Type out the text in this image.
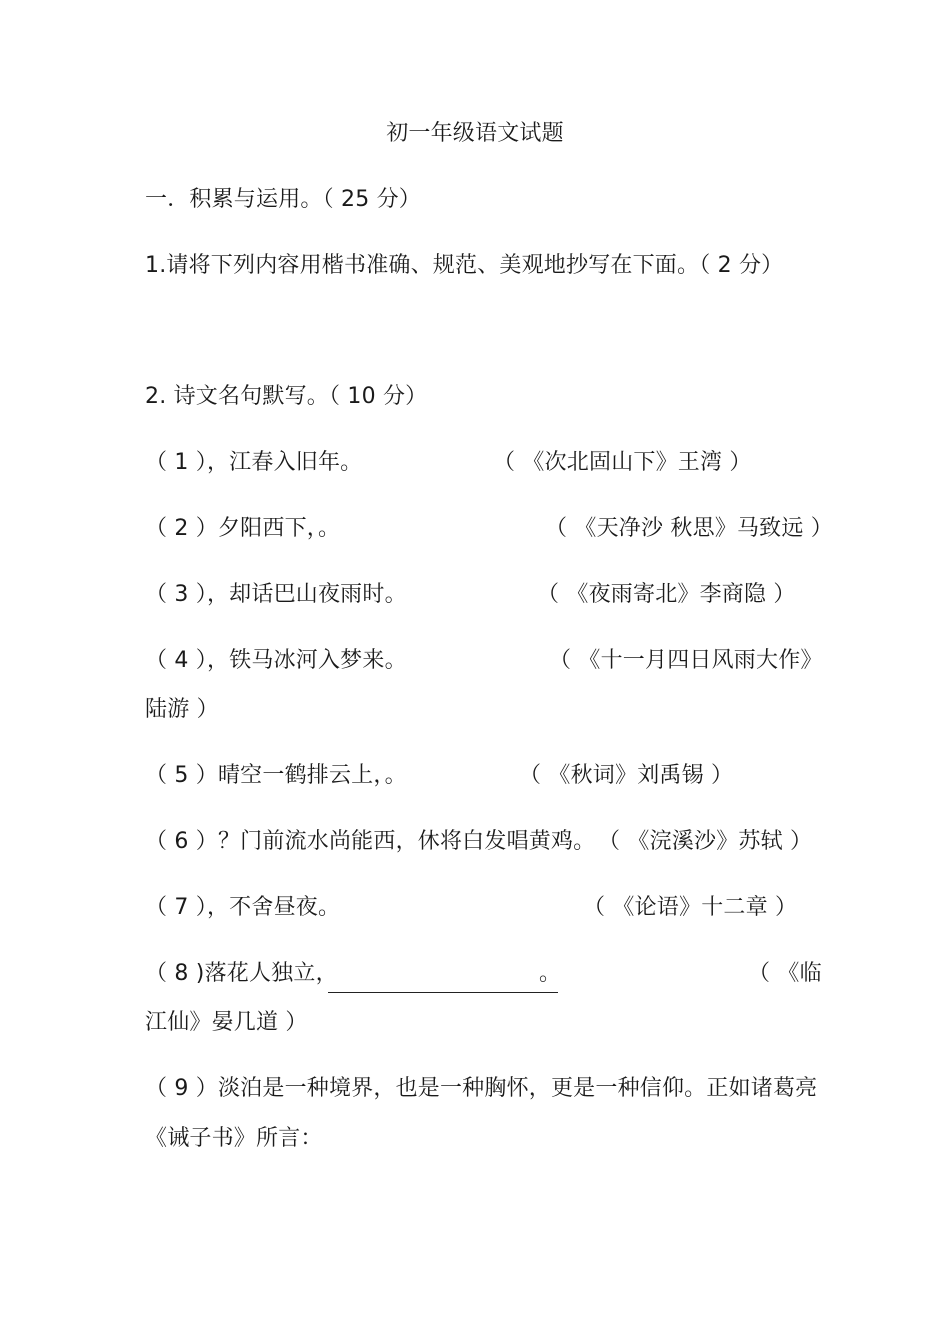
初一年级语文试题
一．积累与运用。（ 25 分）
1.请将下列内容用楷书准确、规范、美观地抄写在下面。（ 2 分）
2. 诗文名句默写。（ 10 分）
（ 1 ），江春入旧年。	（ 《次北固山下》王湾 ）
（ 2 ）夕阳西下，。	（ 《天净沙 秋思》马致远 ）
（ 3 ），却话巴山夜雨时。	（ 《夜雨寄北》李商隐 ）
（ 4 ），铁马冰河入梦来。	（ 《十一月四日风雨大作》
陆游 ）
（ 5 ）晴空一鹤排云上，。	（ 《秋词》刘禹锡 ）
（ 6 ）？门前流水尚能西，休将白发唱黄鸡。 （ 《浣溪沙》苏轼 ）
（ 7 ），不舍昼夜。	（ 《论语》十二章 ）
（ 8 )落花人独立，	。	（ 《临
江仙》晏几道 ）
（ 9 ）淡泊是一种境界，也是一种胸怀，更是一种信仰。正如诸葛亮
《诫子书》所言：
